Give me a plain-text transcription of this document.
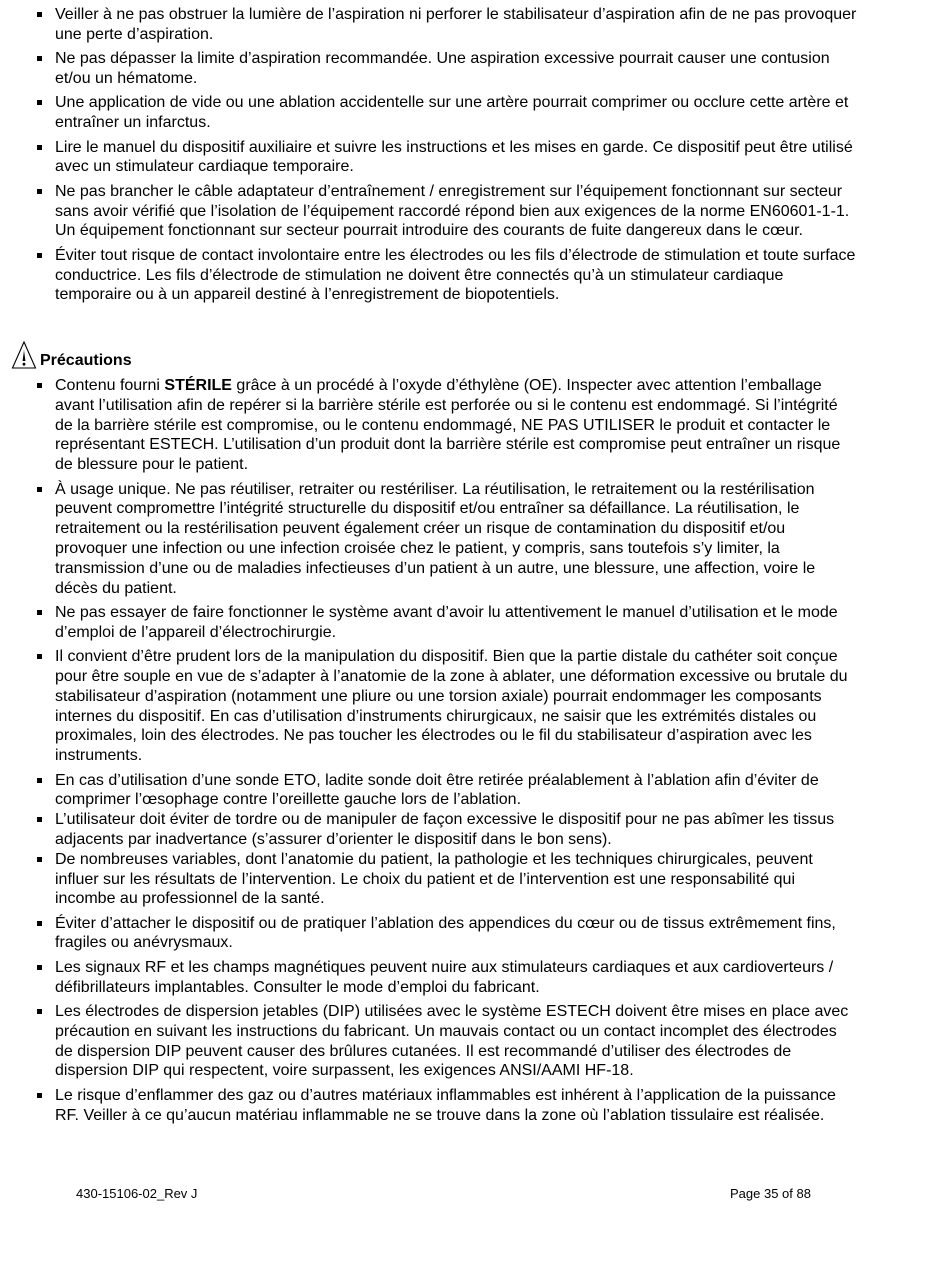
Veiller à ne pas obstruer la lumière de l’aspiration ni perforer le stabilisateur d’aspiration afin de ne pas provoquer une perte d’aspiration.
Ne pas dépasser la limite d’aspiration recommandée. Une aspiration excessive pourrait causer une contusion et/ou un hématome.
Une application de vide ou une ablation accidentelle sur une artère pourrait comprimer ou occlure cette artère et entraîner un infarctus.
Lire le manuel du dispositif auxiliaire et suivre les instructions et les mises en garde. Ce dispositif peut être utilisé avec un stimulateur cardiaque temporaire.
Ne pas brancher le câble adaptateur d’entraînement / enregistrement sur l’équipement fonctionnant sur secteur sans avoir vérifié que l’isolation de l’équipement raccordé répond bien aux exigences de la norme EN60601-1-1. Un équipement fonctionnant sur secteur pourrait introduire des courants de fuite dangereux dans le cœur.
Éviter tout risque de contact involontaire entre les électrodes ou les fils d’électrode de stimulation et toute surface conductrice. Les fils d’électrode de stimulation ne doivent être connectés qu’à un stimulateur cardiaque temporaire ou à un appareil destiné à l’enregistrement de biopotentiels.
Précautions
Contenu fourni STÉRILE grâce à un procédé à l’oxyde d’éthylène (OE). Inspecter avec attention l’emballage avant l’utilisation afin de repérer si la barrière stérile est perforée ou si le contenu est endommagé. Si l’intégrité de la barrière stérile est compromise, ou le contenu endommagé, NE PAS UTILISER le produit et contacter le représentant ESTECH. L’utilisation d’un produit dont la barrière stérile est compromise peut entraîner un risque de blessure pour le patient.
À usage unique. Ne pas réutiliser, retraiter ou restériliser. La réutilisation, le retraitement ou la restérilisation peuvent compromettre l’intégrité structurelle du dispositif et/ou entraîner sa défaillance. La réutilisation, le retraitement ou la restérilisation peuvent également créer un risque de contamination du dispositif et/ou provoquer une infection ou une infection croisée chez le patient, y compris, sans toutefois s’y limiter, la transmission d’une ou de maladies infectieuses d’un patient à un autre, une blessure, une affection, voire le décès du patient.
Ne pas essayer de faire fonctionner le système avant d’avoir lu attentivement le manuel d’utilisation et le mode d’emploi de l’appareil d’électrochirurgie.
Il convient d’être prudent lors de la manipulation du dispositif. Bien que la partie distale du cathéter soit conçue pour être souple en vue de s’adapter à l’anatomie de la zone à ablater, une déformation excessive ou brutale du stabilisateur d’aspiration (notamment une pliure ou une torsion axiale) pourrait endommager les composants internes du dispositif. En cas d’utilisation d’instruments chirurgicaux, ne saisir que les extrémités distales ou proximales, loin des électrodes. Ne pas toucher les électrodes ou le fil du stabilisateur d’aspiration avec les instruments.
En cas d’utilisation d’une sonde ETO, ladite sonde doit être retirée préalablement à l’ablation afin d’éviter de comprimer l’œsophage contre l’oreillette gauche lors de l’ablation.
L’utilisateur doit éviter de tordre ou de manipuler de façon excessive le dispositif pour ne pas abîmer les tissus adjacents par inadvertance (s’assurer d’orienter le dispositif dans le bon sens).
De nombreuses variables, dont l’anatomie du patient, la pathologie et les techniques chirurgicales, peuvent influer sur les résultats de l’intervention. Le choix du patient et de l’intervention est une responsabilité qui incombe au professionnel de la santé.
Éviter d’attacher le dispositif ou de pratiquer l’ablation des appendices du cœur ou de tissus extrêmement fins, fragiles ou anévrysmaux.
Les signaux RF et les champs magnétiques peuvent nuire aux stimulateurs cardiaques et aux cardioverteurs / défibrillateurs implantables. Consulter le mode d’emploi du fabricant.
Les électrodes de dispersion jetables (DIP) utilisées avec le système ESTECH doivent être mises en place avec précaution en suivant les instructions du fabricant. Un mauvais contact ou un contact incomplet des électrodes de dispersion DIP peuvent causer des brûlures cutanées. Il est recommandé d’utiliser des électrodes de dispersion DIP qui respectent, voire surpassent, les exigences ANSI/AAMI HF-18.
Le risque d’enflammer des gaz ou d’autres matériaux inflammables est inhérent à l’application de la puissance RF. Veiller à ce qu’aucun matériau inflammable ne se trouve dans la zone où l’ablation tissulaire est réalisée.
430-15106-02_Rev J	Page 35 of 88
